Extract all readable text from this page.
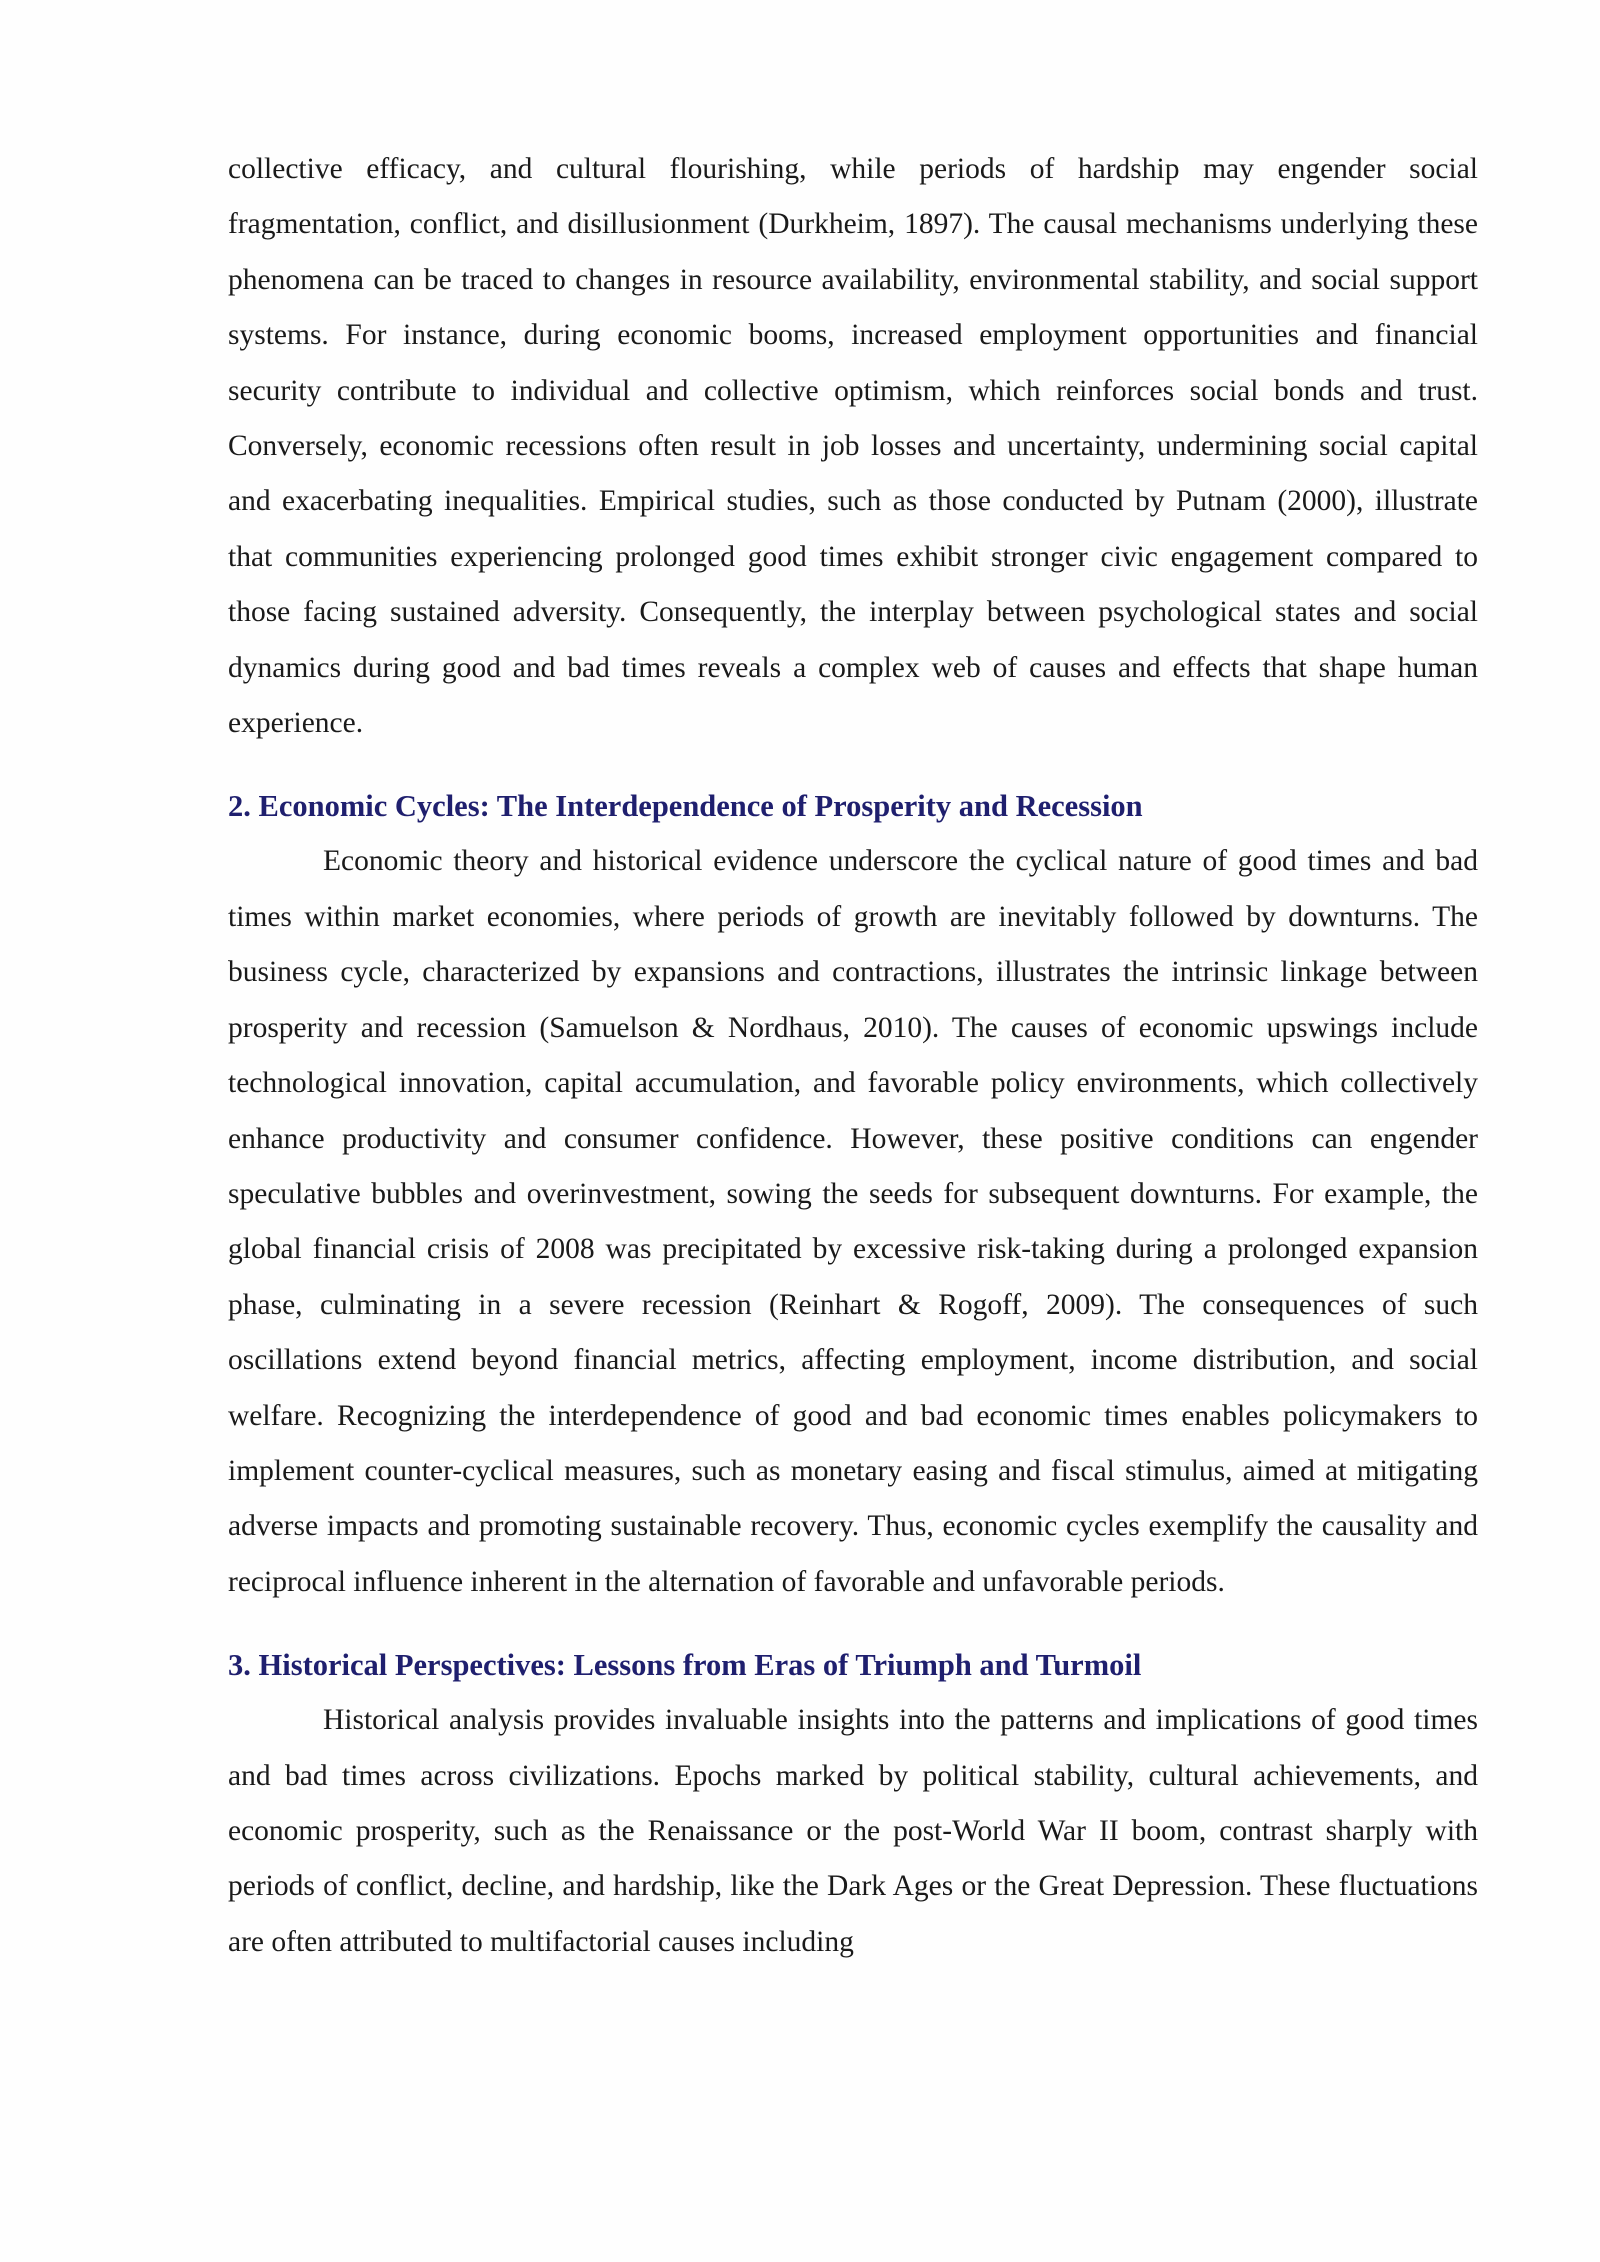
collective efficacy, and cultural flourishing, while periods of hardship may engender social fragmentation, conflict, and disillusionment (Durkheim, 1897). The causal mechanisms underlying these phenomena can be traced to changes in resource availability, environmental stability, and social support systems. For instance, during economic booms, increased employment opportunities and financial security contribute to individual and collective optimism, which reinforces social bonds and trust. Conversely, economic recessions often result in job losses and uncertainty, undermining social capital and exacerbating inequalities. Empirical studies, such as those conducted by Putnam (2000), illustrate that communities experiencing prolonged good times exhibit stronger civic engagement compared to those facing sustained adversity. Consequently, the interplay between psychological states and social dynamics during good and bad times reveals a complex web of causes and effects that shape human experience.

2. Economic Cycles: The Interdependence of Prosperity and Recession

Economic theory and historical evidence underscore the cyclical nature of good times and bad times within market economies, where periods of growth are inevitably followed by downturns. The business cycle, characterized by expansions and contractions, illustrates the intrinsic linkage between prosperity and recession (Samuelson & Nordhaus, 2010). The causes of economic upswings include technological innovation, capital accumulation, and favorable policy environments, which collectively enhance productivity and consumer confidence. However, these positive conditions can engender speculative bubbles and overinvestment, sowing the seeds for subsequent downturns. For example, the global financial crisis of 2008 was precipitated by excessive risk-taking during a prolonged expansion phase, culminating in a severe recession (Reinhart & Rogoff, 2009). The consequences of such oscillations extend beyond financial metrics, affecting employment, income distribution, and social welfare. Recognizing the interdependence of good and bad economic times enables policymakers to implement counter-cyclical measures, such as monetary easing and fiscal stimulus, aimed at mitigating adverse impacts and promoting sustainable recovery. Thus, economic cycles exemplify the causality and reciprocal influence inherent in the alternation of favorable and unfavorable periods.

3. Historical Perspectives: Lessons from Eras of Triumph and Turmoil

Historical analysis provides invaluable insights into the patterns and implications of good times and bad times across civilizations. Epochs marked by political stability, cultural achievements, and economic prosperity, such as the Renaissance or the post-World War II boom, contrast sharply with periods of conflict, decline, and hardship, like the Dark Ages or the Great Depression. These fluctuations are often attributed to multifactorial causes including
